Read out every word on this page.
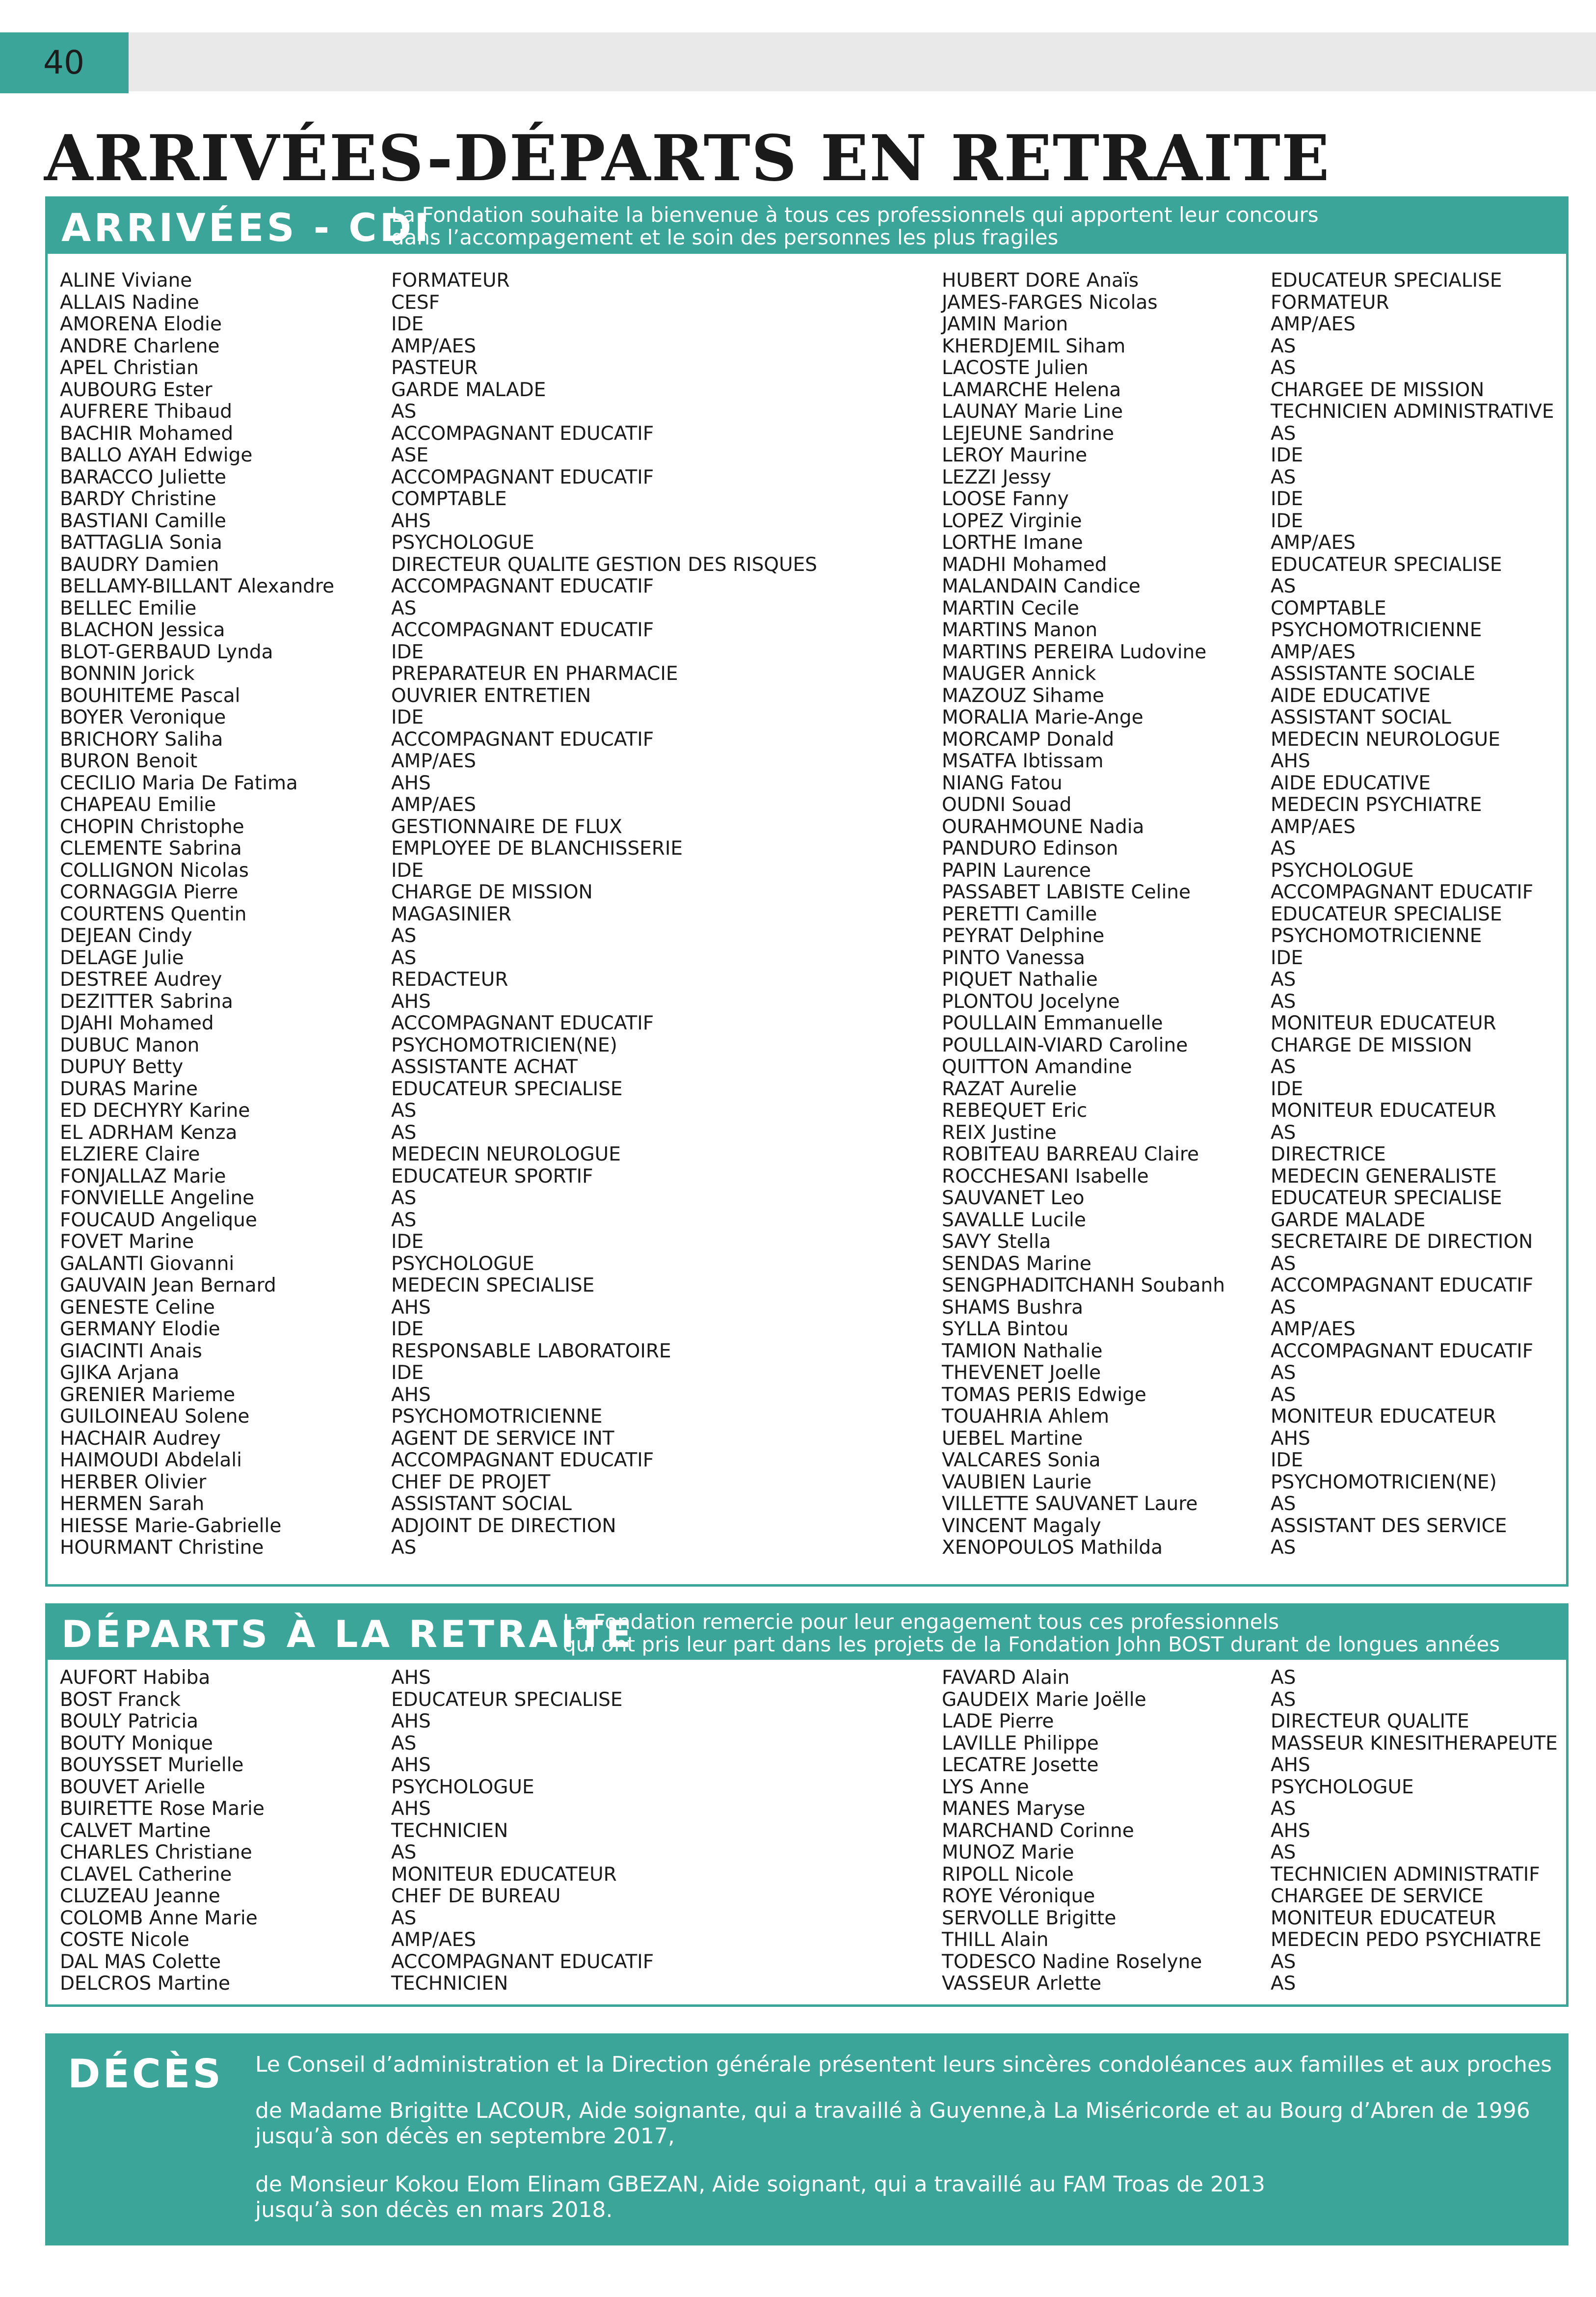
40
ARRIVÉES-DÉPARTS EN RETRAITE
ARRIVÉES - CDI
La Fondation souhaite la bienvenue à tous ces professionnels qui apportent leur concours
dans l’accompagement et le soin des personnes les plus fragiles
ALINE Viviane
ALLAIS Nadine
AMORENA Elodie
ANDRE Charlene
APEL Christian
AUBOURG Ester
AUFRERE Thibaud
BACHIR Mohamed
BALLO AYAH Edwige
BARACCO Juliette
BARDY Christine
BASTIANI Camille
BATTAGLIA Sonia
BAUDRY Damien
BELLAMY-BILLANT Alexandre
BELLEC Emilie
BLACHON Jessica
BLOT-GERBAUD Lynda
BONNIN Jorick
BOUHITEME Pascal
BOYER Veronique
BRICHORY Saliha
BURON Benoit
CECILIO Maria De Fatima
CHAPEAU Emilie
CHOPIN Christophe
CLEMENTE Sabrina
COLLIGNON Nicolas
CORNAGGIA Pierre
COURTENS Quentin
DEJEAN Cindy
DELAGE Julie
DESTREE Audrey
DEZITTER Sabrina
DJAHI Mohamed
DUBUC Manon
DUPUY Betty
DURAS Marine
ED DECHYRY Karine
EL ADRHAM Kenza
ELZIERE Claire
FONJALLAZ Marie
FONVIELLE Angeline
FOUCAUD Angelique
FOVET Marine
GALANTI Giovanni
GAUVAIN Jean Bernard
GENESTE Celine
GERMANY Elodie
GIACINTI Anais
GJIKA Arjana
GRENIER Marieme
GUILOINEAU Solene
HACHAIR Audrey
HAIMOUDI Abdelali
HERBER Olivier
HERMEN Sarah
HIESSE Marie-Gabrielle
HOURMANT Christine
FORMATEUR
CESF
IDE
AMP/AES
PASTEUR
GARDE MALADE
AS
ACCOMPAGNANT EDUCATIF
ASE
ACCOMPAGNANT EDUCATIF
COMPTABLE
AHS
PSYCHOLOGUE
DIRECTEUR QUALITE GESTION DES RISQUES
ACCOMPAGNANT EDUCATIF
AS
ACCOMPAGNANT EDUCATIF
IDE
PREPARATEUR EN PHARMACIE
OUVRIER ENTRETIEN
IDE
ACCOMPAGNANT EDUCATIF
AMP/AES
AHS
AMP/AES
GESTIONNAIRE DE FLUX
EMPLOYEE DE BLANCHISSERIE
IDE
CHARGE DE MISSION
MAGASINIER
AS
AS
REDACTEUR
AHS
ACCOMPAGNANT EDUCATIF
PSYCHOMOTRICIEN(NE)
ASSISTANTE ACHAT
EDUCATEUR SPECIALISE
AS
AS
MEDECIN NEUROLOGUE
EDUCATEUR SPORTIF
AS
AS
IDE
PSYCHOLOGUE
MEDECIN SPECIALISE
AHS
IDE
RESPONSABLE LABORATOIRE
IDE
AHS
PSYCHOMOTRICIENNE
AGENT DE SERVICE INT
ACCOMPAGNANT EDUCATIF
CHEF DE PROJET
ASSISTANT SOCIAL
ADJOINT DE DIRECTION
AS
HUBERT DORE Anaïs
JAMES-FARGES Nicolas
JAMIN Marion
KHERDJEMIL Siham
LACOSTE Julien
LAMARCHE Helena
LAUNAY Marie Line
LEJEUNE Sandrine
LEROY Maurine
LEZZI Jessy
LOOSE Fanny
LOPEZ Virginie
LORTHE Imane
MADHI Mohamed
MALANDAIN Candice
MARTIN Cecile
MARTINS Manon
MARTINS PEREIRA Ludovine
MAUGER Annick
MAZOUZ Sihame
MORALIA Marie-Ange
MORCAMP Donald
MSATFA Ibtissam
NIANG Fatou
OUDNI Souad
OURAHMOUNE Nadia
PANDURO Edinson
PAPIN Laurence
PASSABET LABISTE Celine
PERETTI Camille
PEYRAT Delphine
PINTO Vanessa
PIQUET Nathalie
PLONTOU Jocelyne
POULLAIN Emmanuelle
POULLAIN-VIARD Caroline
QUITTON Amandine
RAZAT Aurelie
REBEQUET Eric
REIX Justine
ROBITEAU BARREAU Claire
ROCCHESANI Isabelle
SAUVANET Leo
SAVALLE Lucile
SAVY Stella
SENDAS Marine
SENGPHADITCHANH Soubanh
SHAMS Bushra
SYLLA Bintou
TAMION Nathalie
THEVENET Joelle
TOMAS PERIS Edwige
TOUAHRIA Ahlem
UEBEL Martine
VALCARES Sonia
VAUBIEN Laurie
VILLETTE SAUVANET Laure
VINCENT Magaly
XENOPOULOS Mathilda
EDUCATEUR SPECIALISE
FORMATEUR
AMP/AES
AS
AS
CHARGEE DE MISSION
TECHNICIEN ADMINISTRATIVE
AS
IDE
AS
IDE
IDE
AMP/AES
EDUCATEUR SPECIALISE
AS
COMPTABLE
PSYCHOMOTRICIENNE
AMP/AES
ASSISTANTE SOCIALE
AIDE EDUCATIVE
ASSISTANT SOCIAL
MEDECIN NEUROLOGUE
AHS
AIDE EDUCATIVE
MEDECIN PSYCHIATRE
AMP/AES
AS
PSYCHOLOGUE
ACCOMPAGNANT EDUCATIF
EDUCATEUR SPECIALISE
PSYCHOMOTRICIENNE
IDE
AS
AS
MONITEUR EDUCATEUR
CHARGE DE MISSION
AS
IDE
MONITEUR EDUCATEUR
AS
DIRECTRICE
MEDECIN GENERALISTE
EDUCATEUR SPECIALISE
GARDE MALADE
SECRETAIRE DE DIRECTION
AS
ACCOMPAGNANT EDUCATIF
AS
AMP/AES
ACCOMPAGNANT EDUCATIF
AS
AS
MONITEUR EDUCATEUR
AHS
IDE
PSYCHOMOTRICIEN(NE)
AS
ASSISTANT DES SERVICE
AS
DÉPARTS À LA RETRAITE
La Fondation remercie pour leur engagement tous ces professionnels
qui ont pris leur part dans les projets de la Fondation John BOST durant de longues années
AUFORT Habiba
BOST Franck
BOULY Patricia
BOUTY Monique
BOUYSSET Murielle
BOUVET Arielle
BUIRETTE Rose Marie
CALVET Martine
CHARLES Christiane
CLAVEL Catherine
CLUZEAU Jeanne
COLOMB Anne Marie
COSTE Nicole
DAL MAS Colette
DELCROS Martine
AHS
EDUCATEUR SPECIALISE
AHS
AS
AHS
PSYCHOLOGUE
AHS
TECHNICIEN
AS
MONITEUR EDUCATEUR
CHEF DE BUREAU
AS
AMP/AES
ACCOMPAGNANT EDUCATIF
TECHNICIEN
FAVARD Alain
GAUDEIX Marie Joëlle
LADE Pierre
LAVILLE Philippe
LECATRE Josette
LYS Anne
MANES Maryse
MARCHAND Corinne
MUNOZ Marie
RIPOLL Nicole
ROYE Véronique
SERVOLLE Brigitte
THILL Alain
TODESCO Nadine Roselyne
VASSEUR Arlette
AS
AS
DIRECTEUR QUALITE
MASSEUR KINESITHERAPEUTE
AHS
PSYCHOLOGUE
AS
AHS
AS
TECHNICIEN ADMINISTRATIF
CHARGEE DE SERVICE
MONITEUR EDUCATEUR
MEDECIN PEDO PSYCHIATRE
AS
AS
DÉCÈS Le Conseil d’administration et la Direction générale présentent leurs sincères condoléances aux familles et aux proches
de Madame Brigitte LACOUR, Aide soignante, qui a travaillé à Guyenne,à La Miséricorde et au Bourg d’Abren de 1996
jusqu’à son décès en septembre 2017,
de Monsieur Kokou Elom Elinam GBEZAN, Aide soignant, qui a travaillé au FAM Troas de 2013
jusqu’à son décès en mars 2018.
